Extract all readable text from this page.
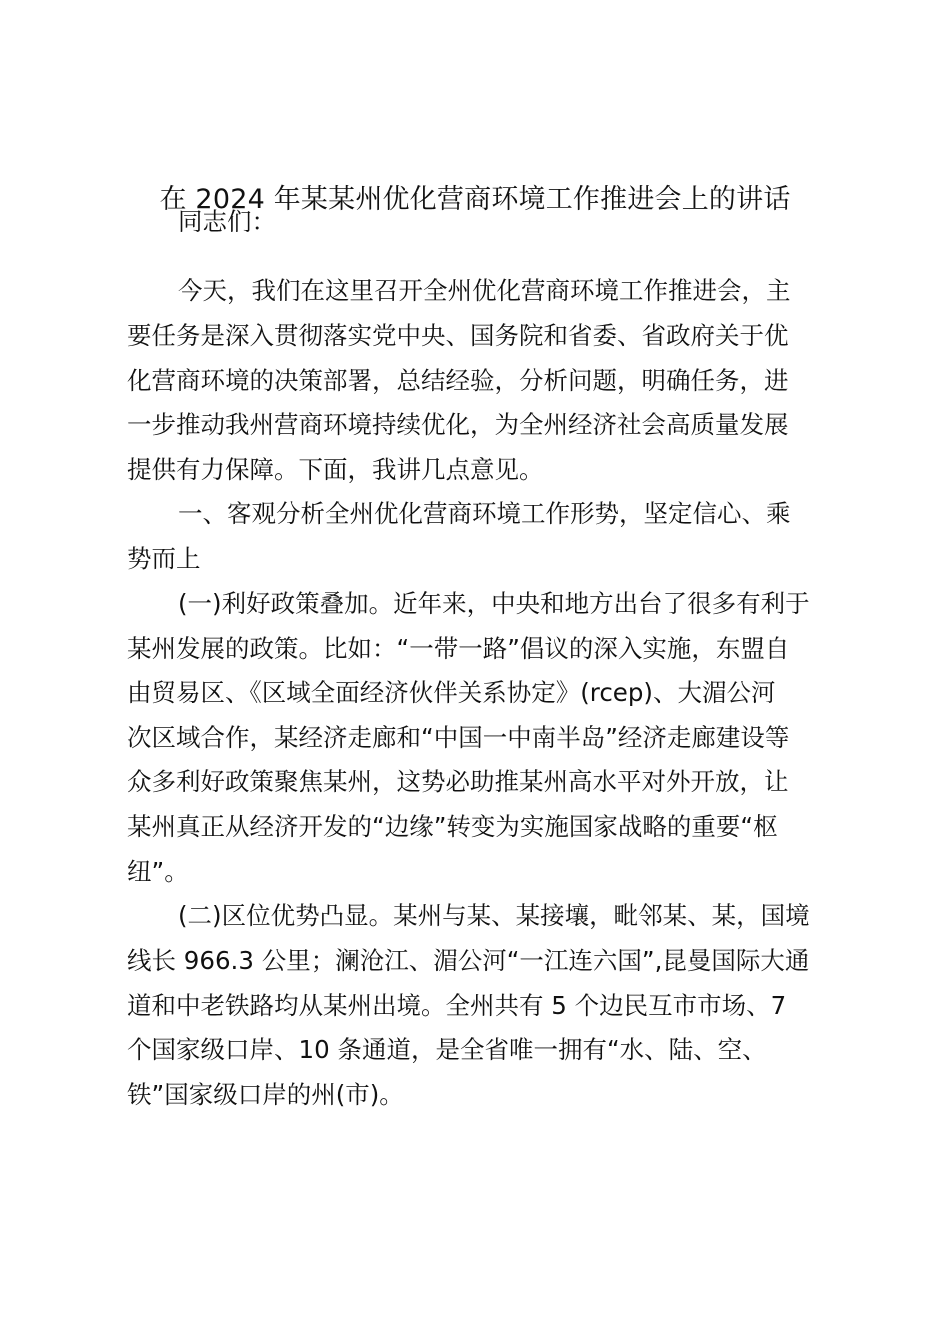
在 2024 年某某州优化营商环境工作推进会上的讲话
同志们：
今天，我们在这里召开全州优化营商环境工作推进会，主
要任务是深入贯彻落实党中央、国务院和省委、省政府关于优
化营商环境的决策部署，总结经验，分析问题，明确任务，进
一步推动我州营商环境持续优化，为全州经济社会高质量发展
提供有力保障。下面，我讲几点意见。
一、客观分析全州优化营商环境工作形势，坚定信心、乘
势而上
(一)利好政策叠加。近年来，中央和地方出台了很多有利于
某州发展的政策。比如：“一带一路”倡议的深入实施，东盟自
由贸易区、《区域全面经济伙伴关系协定》(rcep)、大湄公河
次区域合作，某经济走廊和“中国一中南半岛”经济走廊建设等
众多利好政策聚焦某州，这势必助推某州高水平对外开放，让
某州真正从经济开发的“边缘”转变为实施国家战略的重要“枢
纽”。
(二)区位优势凸显。某州与某、某接壤，毗邻某、某，国境
线长 966.3 公里；澜沧江、湄公河“一江连六国”,昆曼国际大通
道和中老铁路均从某州出境。全州共有 5 个边民互市市场、7
个国家级口岸、10 条通道，是全省唯一拥有“水、陆、空、
铁”国家级口岸的州(市)。
